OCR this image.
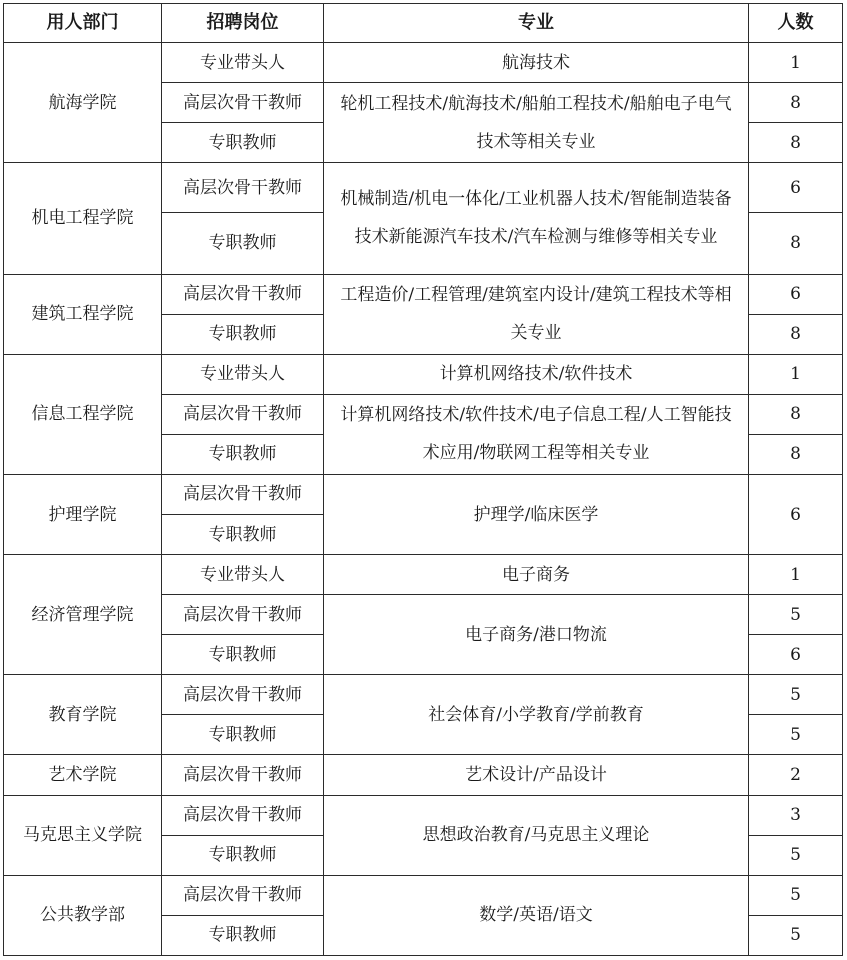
用人部门	招聘岗位	专业	人数
航海学院	专业带头人	航海技术	1
	高层次骨干教师	轮机工程技术/航海技术/船舶工程技术/船舶电子电气技术等相关专业	8
	专职教师		8
机电工程学院	高层次骨干教师	机械制造/机电一体化/工业机器人技术/智能制造装备技术新能源汽车技术/汽车检测与维修等相关专业	6
	专职教师		8
建筑工程学院	高层次骨干教师	工程造价/工程管理/建筑室内设计/建筑工程技术等相关专业	6
	专职教师		8
信息工程学院	专业带头人	计算机网络技术/软件技术	1
	高层次骨干教师	计算机网络技术/软件技术/电子信息工程/人工智能技术应用/物联网工程等相关专业	8
	专职教师		8
护理学院	高层次骨干教师	护理学/临床医学	6
	专职教师		
经济管理学院	专业带头人	电子商务	1
	高层次骨干教师	电子商务/港口物流	5
	专职教师		6
教育学院	高层次骨干教师	社会体育/小学教育/学前教育	5
	专职教师		5
艺术学院	高层次骨干教师	艺术设计/产品设计	2
马克思主义学院	高层次骨干教师	思想政治教育/马克思主义理论	3
	专职教师		5
公共教学部	高层次骨干教师	数学/英语/语文	5
	专职教师		5
